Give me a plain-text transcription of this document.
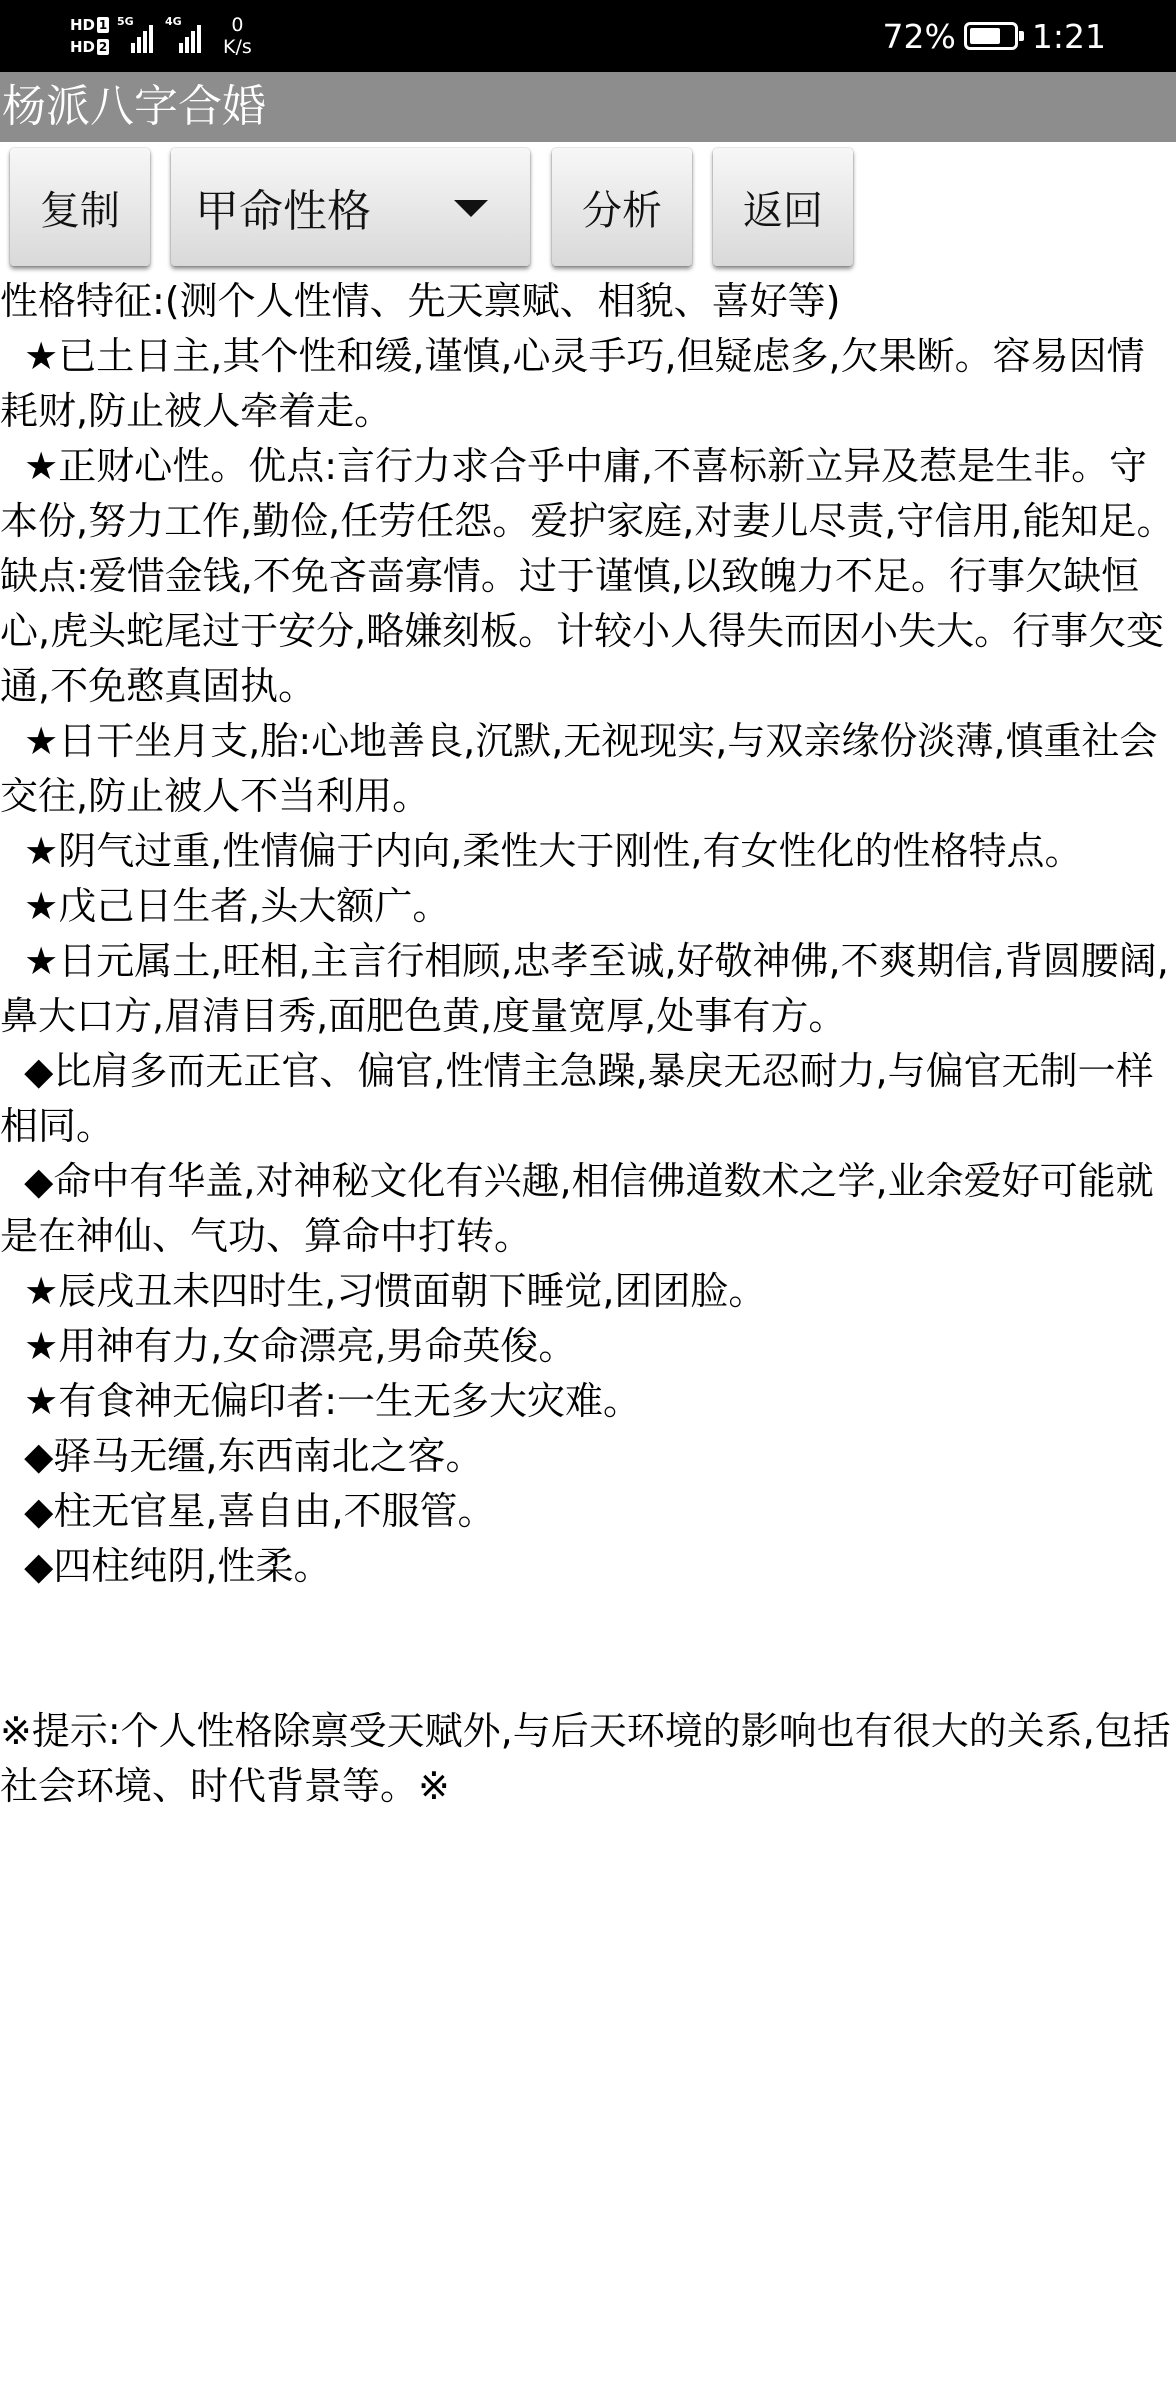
HD 1
HD 2
5G	4G	0
K/s	72% 1:21
杨派八字合婚
复制 甲命性格	分析 返回

性格特征:(测个人性情、先天禀赋、相貌、喜好等)

★已土日主,其个性和缓,谨慎,心灵手巧,但疑虑多,欠果断。容易因情耗财,防止被人牵着走。

★正财心性。优点:言行力求合乎中庸,不喜标新立异及惹是生非。守本份,努力工作,勤俭,任劳任怨。爱护家庭,对妻儿尽责,守信用,能知足。缺点:爱惜金钱,不免吝啬寡情。过于谨慎,以致魄力不足。行事欠缺恒心,虎头蛇尾过于安分,略嫌刻板。计较小人得失而因小失大。行事欠变通,不免憨真固执。

★日干坐月支,胎:心地善良,沉默,无视现实,与双亲缘份淡薄,慎重社会交往,防止被人不当利用。

★阴气过重,性情偏于内向,柔性大于刚性,有女性化的性格特点。

★戊己日生者,头大额广。

★日元属土,旺相,主言行相顾,忠孝至诚,好敬神佛,不爽期信,背圆腰阔,鼻大口方,眉清目秀,面肥色黄,度量宽厚,处事有方。

◆比肩多而无正官、偏官,性情主急躁,暴戾无忍耐力,与偏官无制一样相同。

◆命中有华盖,对神秘文化有兴趣,相信佛道数术之学,业余爱好可能就是在神仙、气功、算命中打转。

★辰戌丑未四时生,习惯面朝下睡觉,团团脸。

★用神有力,女命漂亮,男命英俊。

★有食神无偏印者:一生无多大灾难。

◆驿马无缰,东西南北之客。

◆柱无官星,喜自由,不服管。

◆四柱纯阴,性柔。

※提示:个人性格除禀受天赋外,与后天环境的影响也有很大的关系,包括社会环境、时代背景等。※
